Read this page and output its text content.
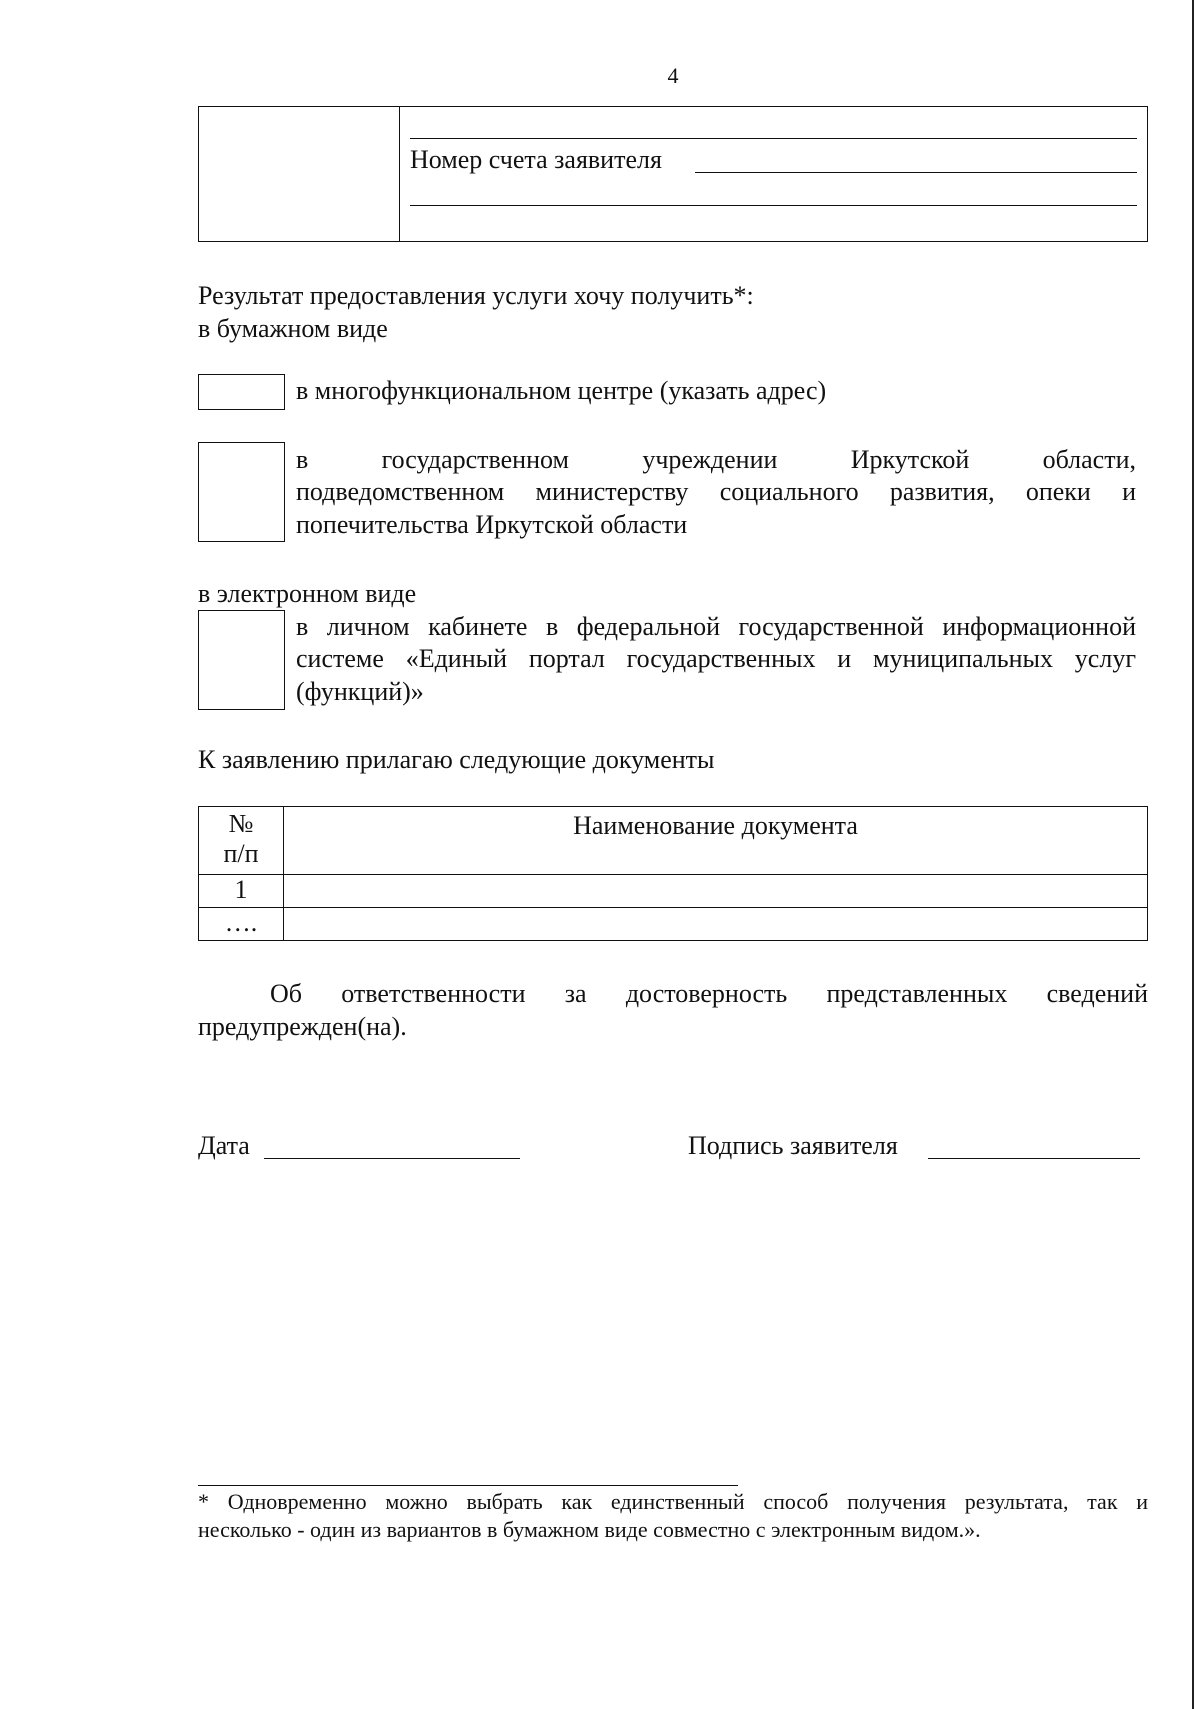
4
Номер счета заявителя
Результат предоставления услуги хочу получить*:
в бумажном виде
в многофункциональном центре (указать адрес)
в государственном учреждении Иркутской области,
подведомственном министерству социального развития, опеки и
попечительства Иркутской области
в электронном виде
в личном кабинете в федеральной государственной информационной
системе «Единый портал государственных и муниципальных услуг
(функций)»
К заявлению прилагаю следующие документы
№
п/п	Наименование документа
1	
….	
Об ответственности за достоверность представленных сведений
предупрежден(на).
Дата	Подпись заявителя
* Одновременно можно выбрать как единственный способ получения результата, так и
несколько - один из вариантов в бумажном виде совместно с электронным видом.».
